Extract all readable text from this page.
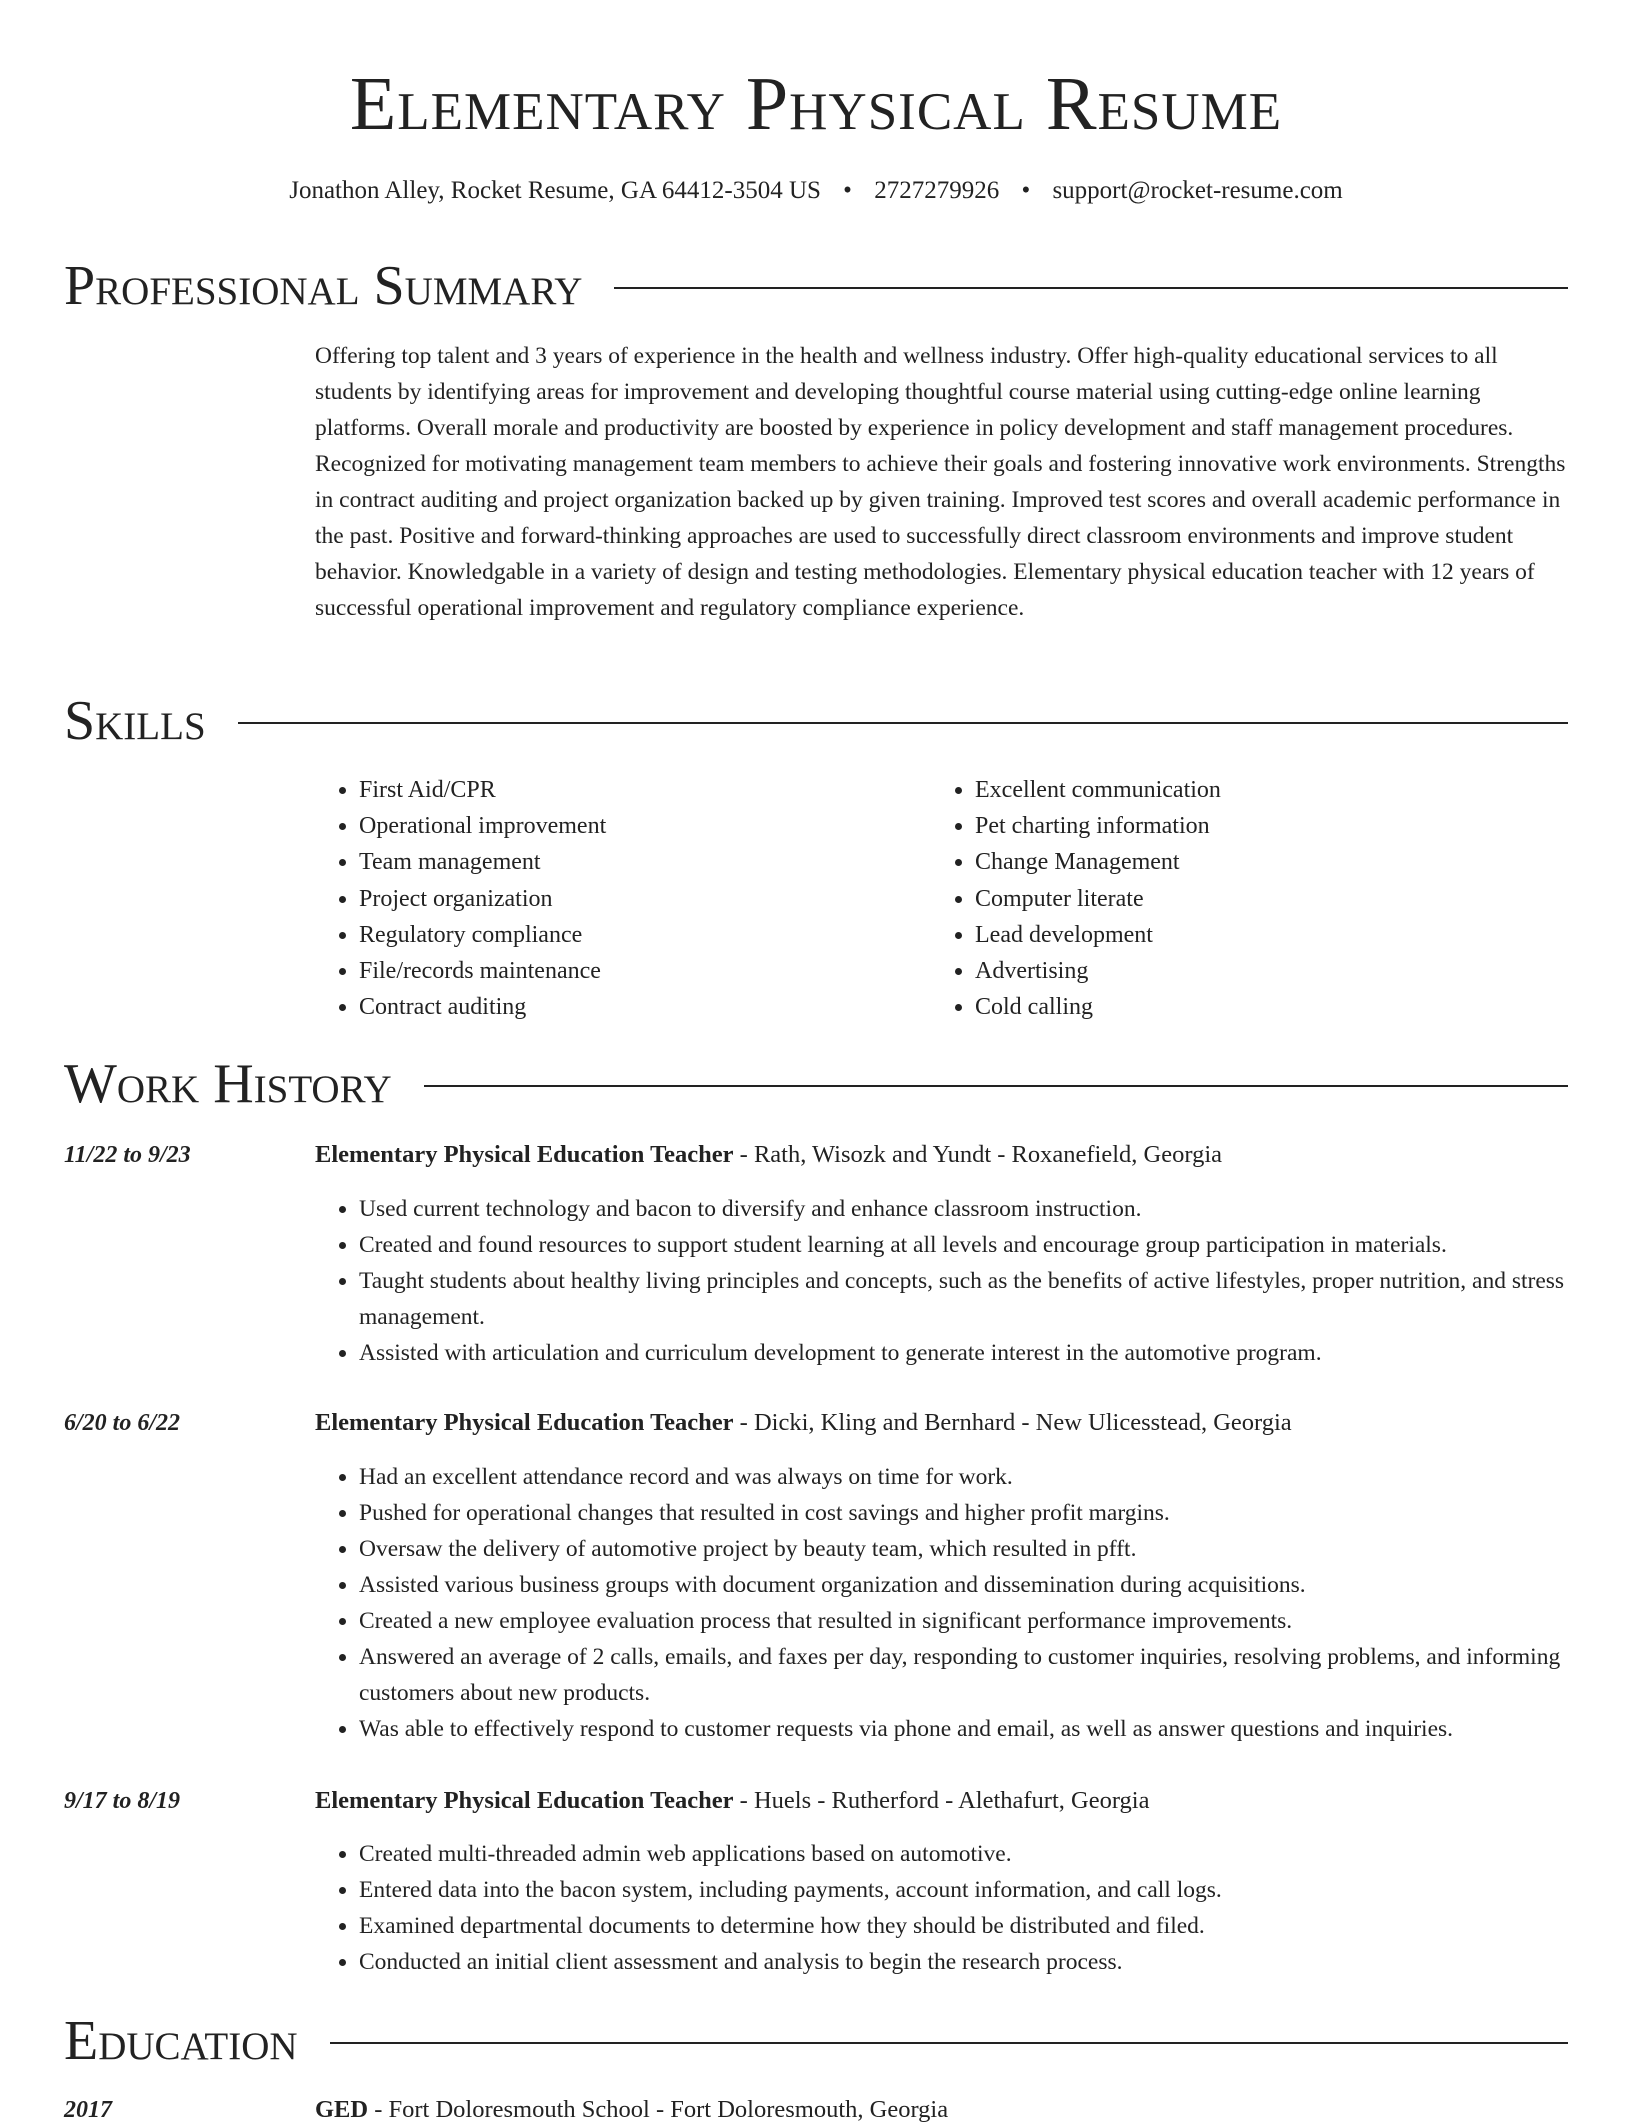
Elementary Physical Resume
Jonathon Alley, Rocket Resume, GA 64412-3504 US • 2727279926 • support@rocket-resume.com
Professional Summary

Offering top talent and 3 years of experience in the health and wellness industry. Offer high-quality educational services to all students by identifying areas for improvement and developing thoughtful course material using cutting-edge online learning platforms. Overall morale and productivity are boosted by experience in policy development and staff management procedures. Recognized for motivating management team members to achieve their goals and fostering innovative work environments. Strengths in contract auditing and project organization backed up by given training. Improved test scores and overall academic performance in the past. Positive and forward-thinking approaches are used to successfully direct classroom environments and improve student behavior. Knowledgable in a variety of design and testing methodologies. Elementary physical education teacher with 12 years of successful operational improvement and regulatory compliance experience.

Skills
• First Aid/CPR
• Operational improvement
• Team management
• Project organization
• Regulatory compliance
• File/records maintenance
• Contract auditing
• Excellent communication
• Pet charting information
• Change Management
• Computer literate
• Lead development
• Advertising
• Cold calling
Work History
11/22 to 9/23	Elementary Physical Education Teacher - Rath, Wisozk and Yundt - Roxanefield, Georgia
• Used current technology and bacon to diversify and enhance classroom instruction.
• Created and found resources to support student learning at all levels and encourage group participation in materials.
• Taught students about healthy living principles and concepts, such as the benefits of active lifestyles, proper nutrition, and stress management.
• Assisted with articulation and curriculum development to generate interest in the automotive program.
6/20 to 6/22	Elementary Physical Education Teacher - Dicki, Kling and Bernhard - New Ulicesstead, Georgia
• Had an excellent attendance record and was always on time for work.
• Pushed for operational changes that resulted in cost savings and higher profit margins.
• Oversaw the delivery of automotive project by beauty team, which resulted in pfft.
• Assisted various business groups with document organization and dissemination during acquisitions.
• Created a new employee evaluation process that resulted in significant performance improvements.
• Answered an average of 2 calls, emails, and faxes per day, responding to customer inquiries, resolving problems, and informing customers about new products.
• Was able to effectively respond to customer requests via phone and email, as well as answer questions and inquiries.
9/17 to 8/19	Elementary Physical Education Teacher - Huels - Rutherford - Alethafurt, Georgia
• Created multi-threaded admin web applications based on automotive.
• Entered data into the bacon system, including payments, account information, and call logs.
• Examined departmental documents to determine how they should be distributed and filed.
• Conducted an initial client assessment and analysis to begin the research process.
Education
2017	GED - Fort Doloresmouth School - Fort Doloresmouth, Georgia
